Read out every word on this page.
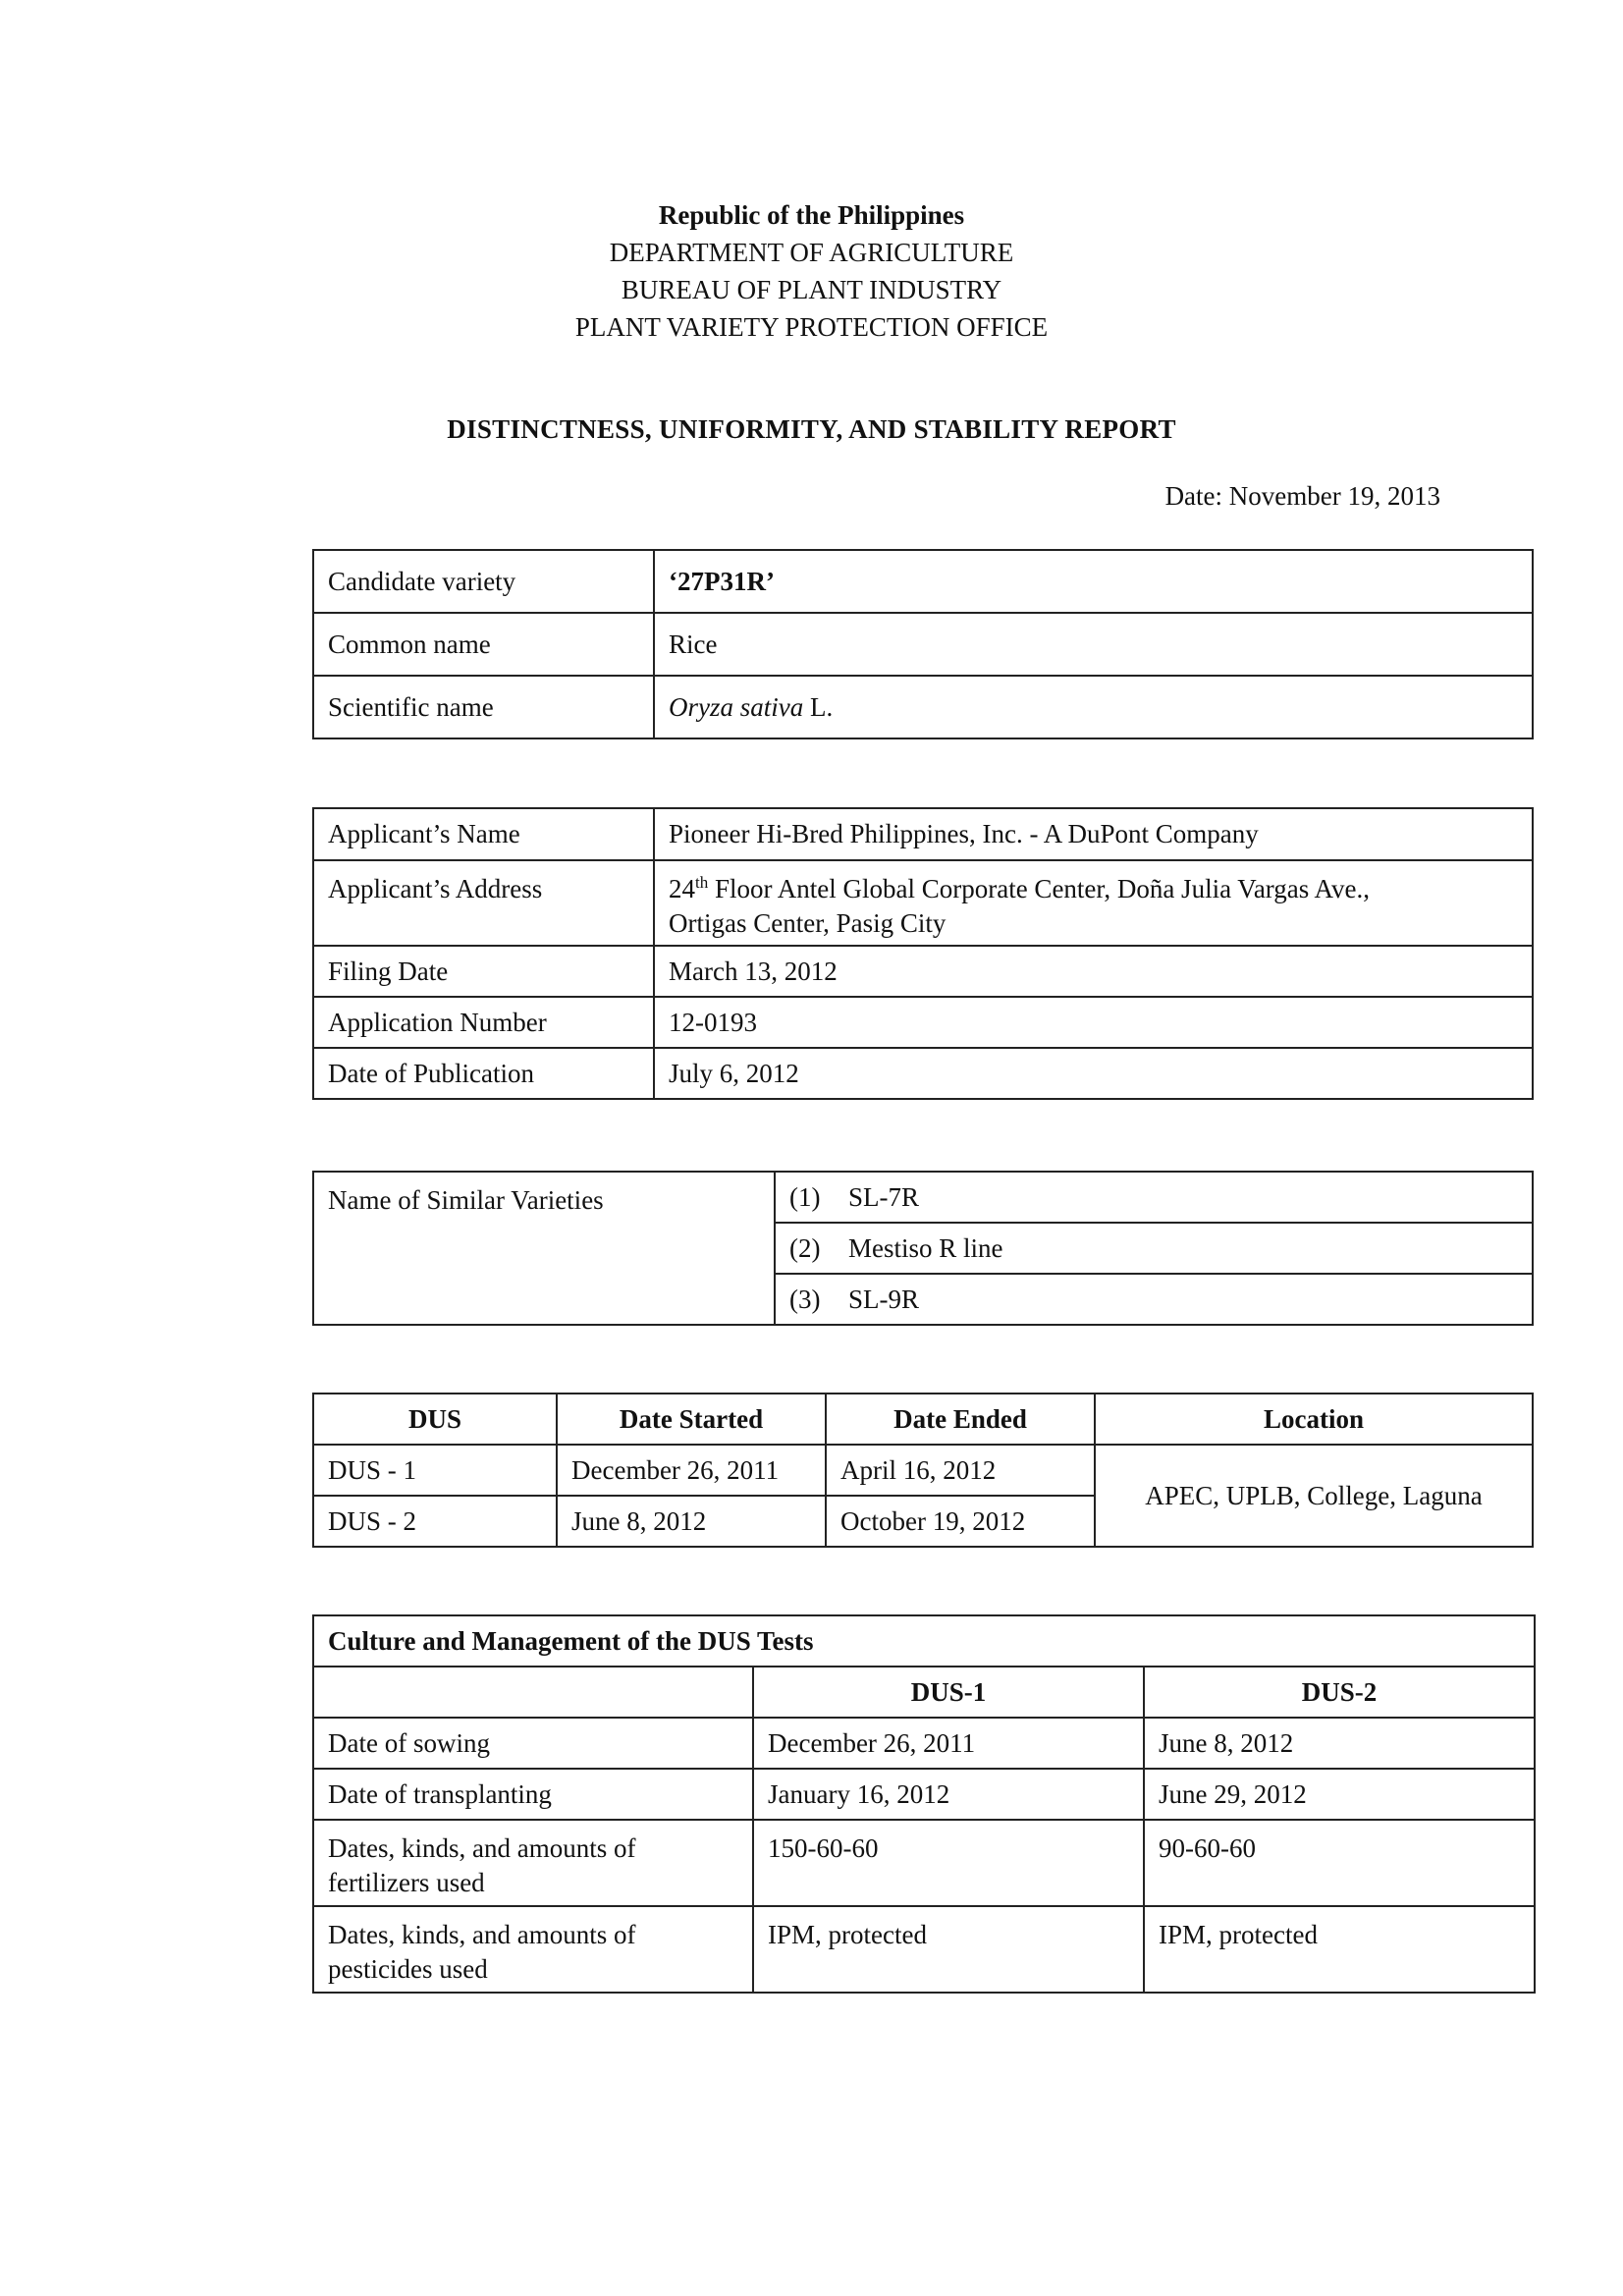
Republic of the Philippines
DEPARTMENT OF AGRICULTURE
BUREAU OF PLANT INDUSTRY
PLANT VARIETY PROTECTION OFFICE
DISTINCTNESS, UNIFORMITY, AND STABILITY REPORT
Date: November 19, 2013
Candidate variety	‘27P31R’
Common name	Rice
Scientific name	Oryza sativa L.
Applicant’s Name	Pioneer Hi-Bred Philippines, Inc. - A DuPont Company
Applicant’s Address	24th Floor Antel Global Corporate Center, Doña Julia Vargas Ave.,
Ortigas Center, Pasig City
Filing Date	March 13, 2012
Application Number	12-0193
Date of Publication	July 6, 2012
Name of Similar Varieties	(1) SL-7R
(2) Mestiso R line
(3) SL-9R
DUS	Date Started	Date Ended	Location
DUS - 1	December 26, 2011	April 16, 2012	APEC, UPLB, College, Laguna
DUS - 2	June 8, 2012	October 19, 2012	
Culture and Management of the DUS Tests		
	DUS-1	DUS-2
Date of sowing	December 26, 2011	June 8, 2012
Date of transplanting	January 16, 2012	June 29, 2012
Dates, kinds, and amounts of fertilizers used	150-60-60	90-60-60
Dates, kinds, and amounts of pesticides used	IPM, protected	IPM, protected
